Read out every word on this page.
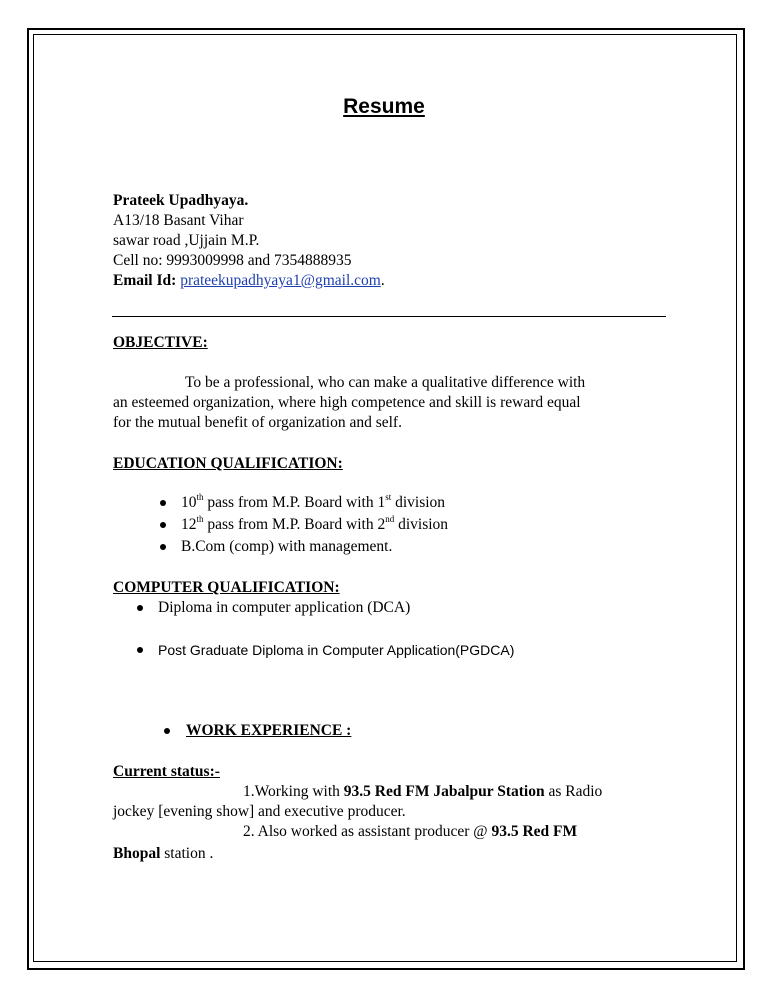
Resume
Prateek Upadhyaya.
A13/18 Basant Vihar
sawar road ,Ujjain M.P.
Cell no: 9993009998 and 7354888935
Email Id: prateekupadhyaya1@gmail.com.
OBJECTIVE:
To be a professional, who can make a qualitative difference with
an esteemed organization, where high competence and skill is reward equal
for the mutual benefit of organization and self.
EDUCATION QUALIFICATION:
10th pass from M.P. Board with 1st division
12th pass from M.P. Board with 2nd division
B.Com (comp) with management.
COMPUTER QUALIFICATION:
Diploma in computer application (DCA)
Post Graduate Diploma in Computer Application(PGDCA)
WORK EXPERIENCE :
Current status:-
1.Working with 93.5 Red FM Jabalpur Station as Radio
jockey [evening show] and executive producer.
2. Also worked as assistant producer @ 93.5 Red FM
Bhopal station .
